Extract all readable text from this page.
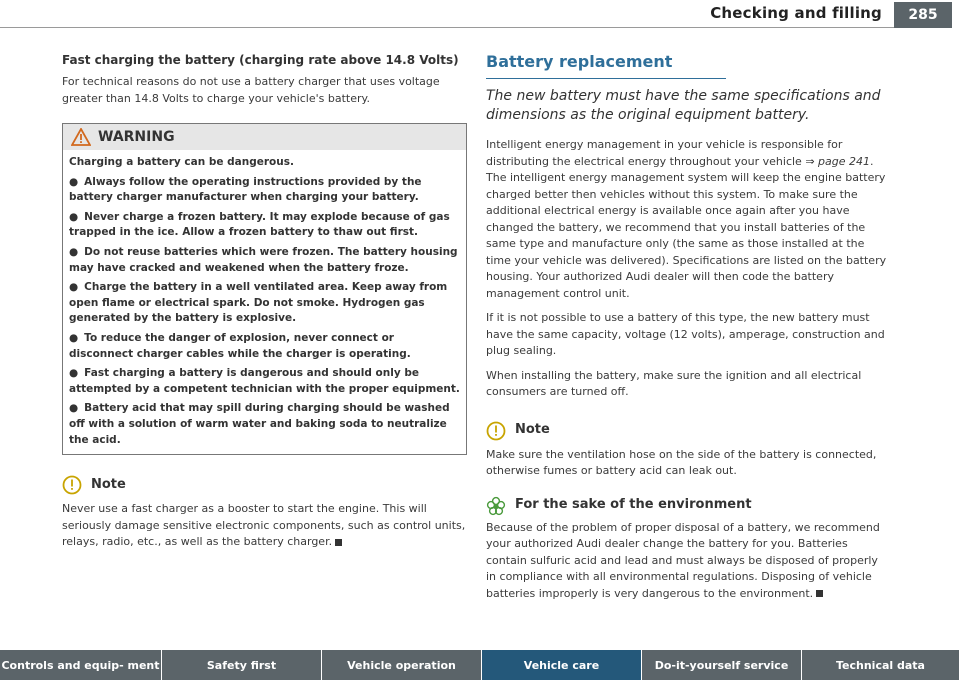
Checking and filling	285
Fast charging the battery (charging rate above 14.8 Volts)

For technical reasons do not use a battery charger that uses voltage greater than 14.8 Volts to charge your vehicle's battery.

WARNING
Charging a battery can be dangerous.
● Always follow the operating instructions provided by the battery charger manufacturer when charging your battery.
● Never charge a frozen battery. It may explode because of gas trapped in the ice. Allow a frozen battery to thaw out first.
● Do not reuse batteries which were frozen. The battery housing may have cracked and weakened when the battery froze.
● Charge the battery in a well ventilated area. Keep away from open flame or electrical spark. Do not smoke. Hydrogen gas generated by the battery is explosive.
● To reduce the danger of explosion, never connect or disconnect charger cables while the charger is operating.
● Fast charging a battery is dangerous and should only be attempted by a competent technician with the proper equipment.
● Battery acid that may spill during charging should be washed off with a solution of warm water and baking soda to neutralize the acid.
Note

Never use a fast charger as a booster to start the engine. This will seriously damage sensitive electronic components, such as control units, relays, radio, etc., as well as the battery charger.

Battery replacement
The new battery must have the same specifications and dimensions as the original equipment battery.

Intelligent energy management in your vehicle is responsible for distributing the electrical energy throughout your vehicle ⇒ page 241. The intelligent energy management system will keep the engine battery charged better then vehicles without this system. To make sure the additional electrical energy is available once again after you have changed the battery, we recommend that you install batteries of the same type and manufacture only (the same as those installed at the time your vehicle was delivered). Specifications are listed on the battery housing. Your authorized Audi dealer will then code the battery management control unit.

If it is not possible to use a battery of this type, the new battery must have the same capacity, voltage (12 volts), amperage, construction and plug sealing.

When installing the battery, make sure the ignition and all electrical consumers are turned off.

Note

Make sure the ventilation hose on the side of the battery is connected, otherwise fumes or battery acid can leak out.

For the sake of the environment

Because of the problem of proper disposal of a battery, we recommend your authorized Audi dealer change the battery for you. Batteries contain sulfuric acid and lead and must always be disposed of properly in compliance with all environmental regulations. Disposing of vehicle batteries improperly is very dangerous to the environment.

Controls and equip- ment	Safety first	Vehicle operation	Vehicle care	Do-it-yourself service	Technical data
